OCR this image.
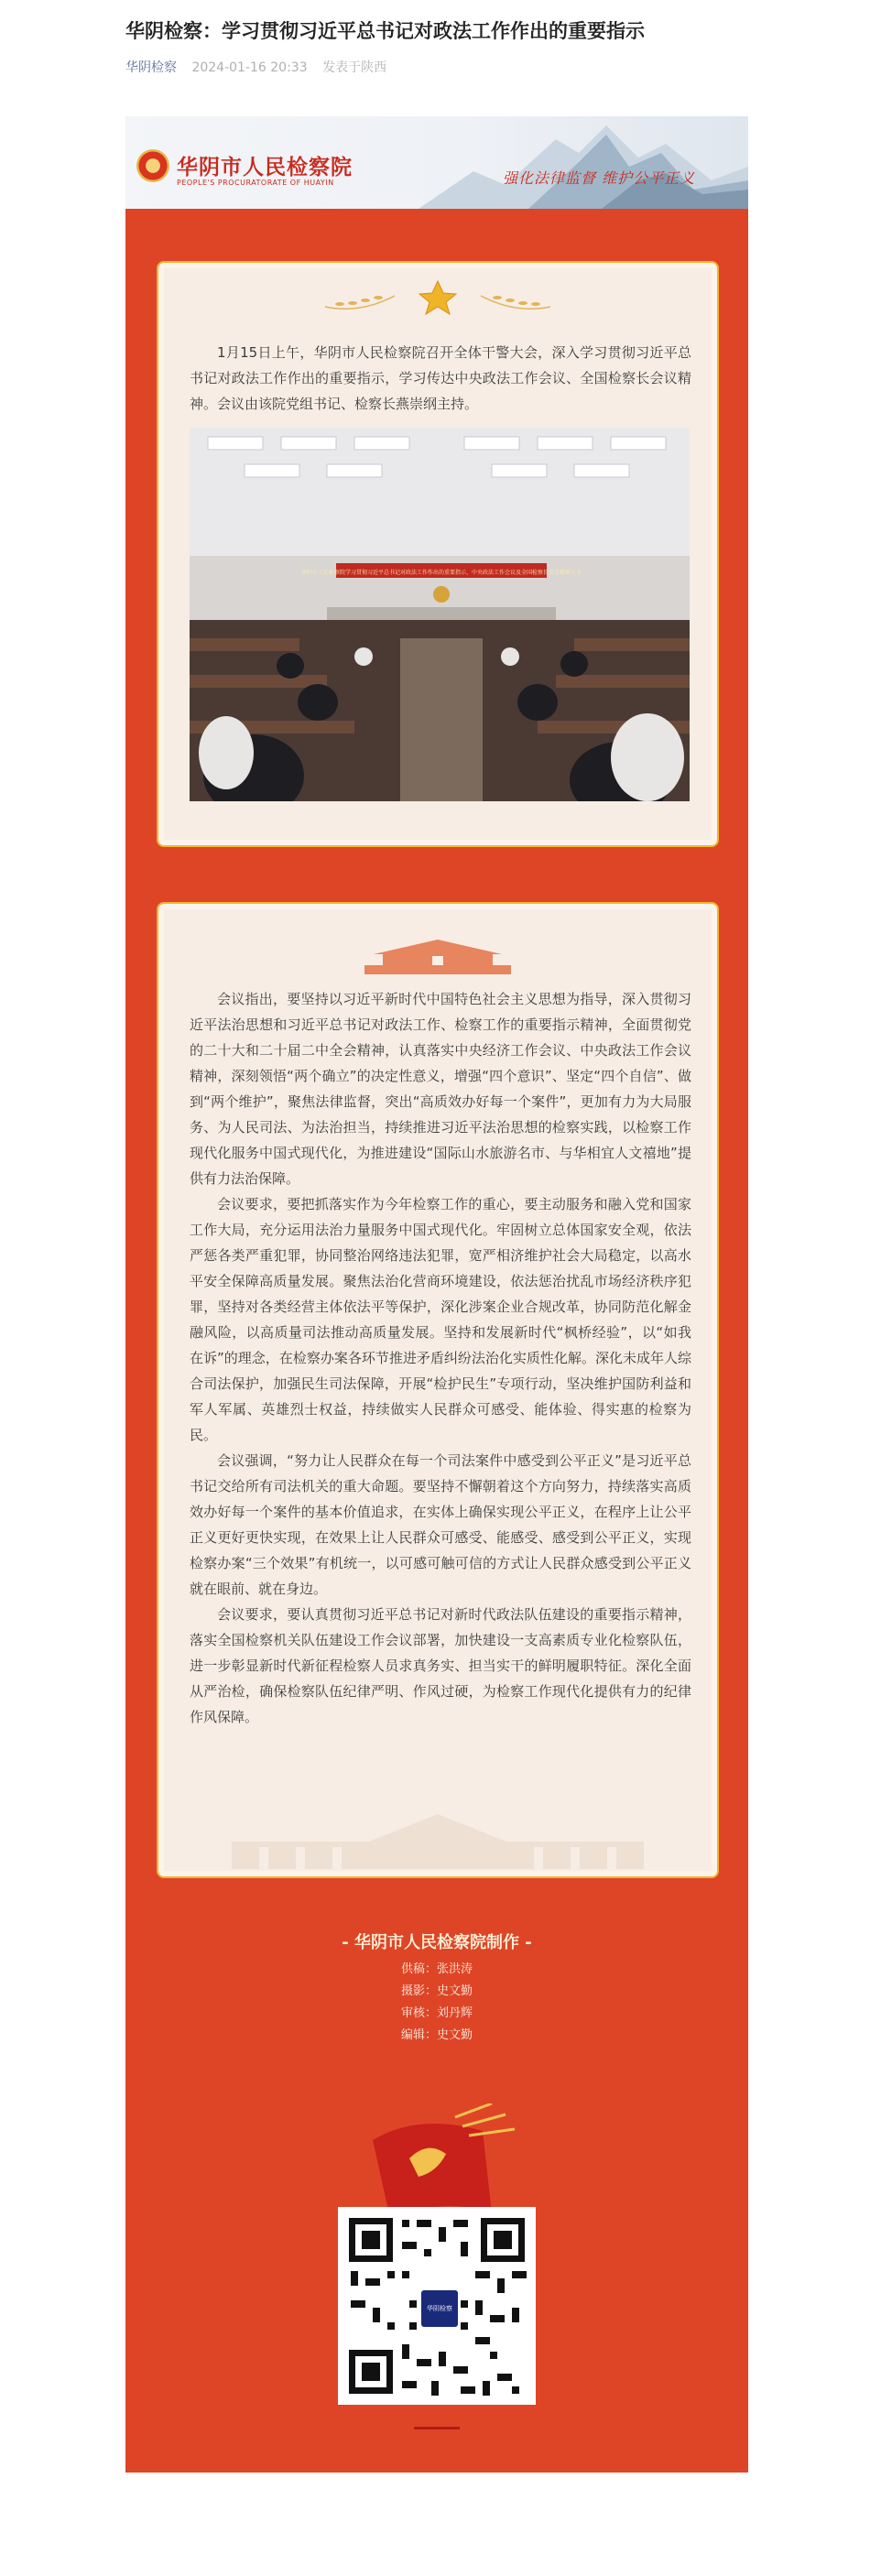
华阴检察：学习贯彻习近平总书记对政法工作作出的重要指示
华阴检察 2024-01-16 20:33 发表于陕西
华阴市人民检察院
PEOPLE'S PROCURATORATE OF HUAYIN	强化法律监督 维护公平正义

1月15日上午，华阴市人民检察院召开全体干警大会，深入学习贯彻习近平总书记对政法工作作出的重要指示，学习传达中央政法工作会议、全国检察长会议精神。会议由该院党组书记、检察长燕崇纲主持。

华阴市人民检察院学习贯彻习近平总书记对政法工作作出的重要指示、中央政法工作会议及全国检察长会议精神大会

会议指出，要坚持以习近平新时代中国特色社会主义思想为指导，深入贯彻习近平法治思想和习近平总书记对政法工作、检察工作的重要指示精神，全面贯彻党的二十大和二十届二中全会精神，认真落实中央经济工作会议、中央政法工作会议精神，深刻领悟“两个确立”的决定性意义，增强“四个意识”、坚定“四个自信”、做到“两个维护”，聚焦法律监督，突出“高质效办好每一个案件”，更加有力为大局服务、为人民司法、为法治担当，持续推进习近平法治思想的检察实践，以检察工作现代化服务中国式现代化，为推进建设“国际山水旅游名市、与华相宜人文禧地”提供有力法治保障。

会议要求，要把抓落实作为今年检察工作的重心，要主动服务和融入党和国家工作大局，充分运用法治力量服务中国式现代化。牢固树立总体国家安全观，依法严惩各类严重犯罪，协同整治网络违法犯罪，宽严相济维护社会大局稳定，以高水平安全保障高质量发展。聚焦法治化营商环境建设，依法惩治扰乱市场经济秩序犯罪，坚持对各类经营主体依法平等保护，深化涉案企业合规改革，协同防范化解金融风险，以高质量司法推动高质量发展。坚持和发展新时代“枫桥经验”，以“如我在诉”的理念，在检察办案各环节推进矛盾纠纷法治化实质性化解。深化未成年人综合司法保护，加强民生司法保障，开展“检护民生”专项行动，坚决维护国防利益和军人军属、英雄烈士权益，持续做实人民群众可感受、能体验、得实惠的检察为民。

会议强调，“努力让人民群众在每一个司法案件中感受到公平正义”是习近平总书记交给所有司法机关的重大命题。要坚持不懈朝着这个方向努力，持续落实高质效办好每一个案件的基本价值追求，在实体上确保实现公平正义，在程序上让公平正义更好更快实现，在效果上让人民群众可感受、能感受、感受到公平正义，实现检察办案“三个效果”有机统一，以可感可触可信的方式让人民群众感受到公平正义就在眼前、就在身边。

会议要求，要认真贯彻习近平总书记对新时代政法队伍建设的重要指示精神，落实全国检察机关队伍建设工作会议部署，加快建设一支高素质专业化检察队伍，进一步彰显新时代新征程检察人员求真务实、担当实干的鲜明履职特征。深化全面从严治检，确保检察队伍纪律严明、作风过硬，为检察工作现代化提供有力的纪律作风保障。

- 华阴市人民检察院制作 -
供稿：张洪涛
摄影：史文勤
审核：刘丹辉
编辑：史文勤
华阴检察
